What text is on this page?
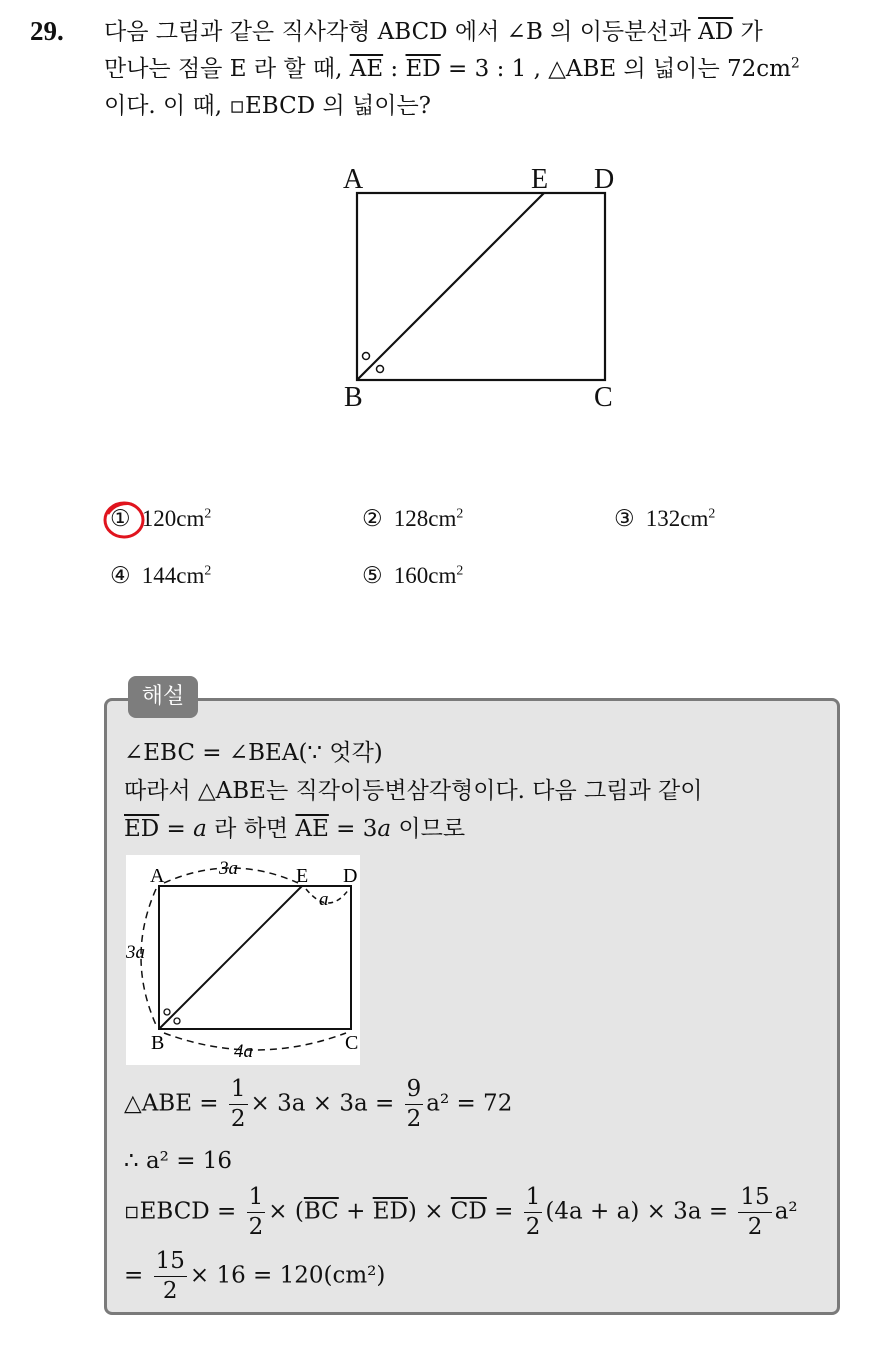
29. 다음 그림과 같은 직사각형 ABCD 에서 ∠B 의 이등분선과 $\overline{AD}$ 가
만나는 점을 E 라 할 때, $\overline{AE}$ : $\overline{ED} = 3$ : 1 , △ABE 의 넓이는 $72cm^2$
이다. 이 때, ▫EBCD 의 넓이는?
A	E D
B	C
① $120cm^2$	② $128cm^2$	③ $132cm^2$
④ $144cm^2$	⑤ $160cm^2$
해설
∠EBC = ∠BEA(∵ 엇각)
따라서 △ABE는 직각이등변삼각형이다. 다음 그림과 같이
$\overline{ED} = a$ 라 하면 $\overline{AE} = 3a$ 이므로
A	E D
B	C
3a
3a
a
4a
△ABE = $\frac{1}{2} \times 3a \times 3a = \frac{9}{2} a^2 = 72$
∴ a² = 16
▫EBCD = $\frac{1}{2} \times (\overline{BC} + \overline{ED}) \times \overline{CD} = \frac{1}{2} (4a + a) \times 3a = \frac{15}{2} a^2$
= $\frac{15}{2} \times 16 = 120(cm^2)$
